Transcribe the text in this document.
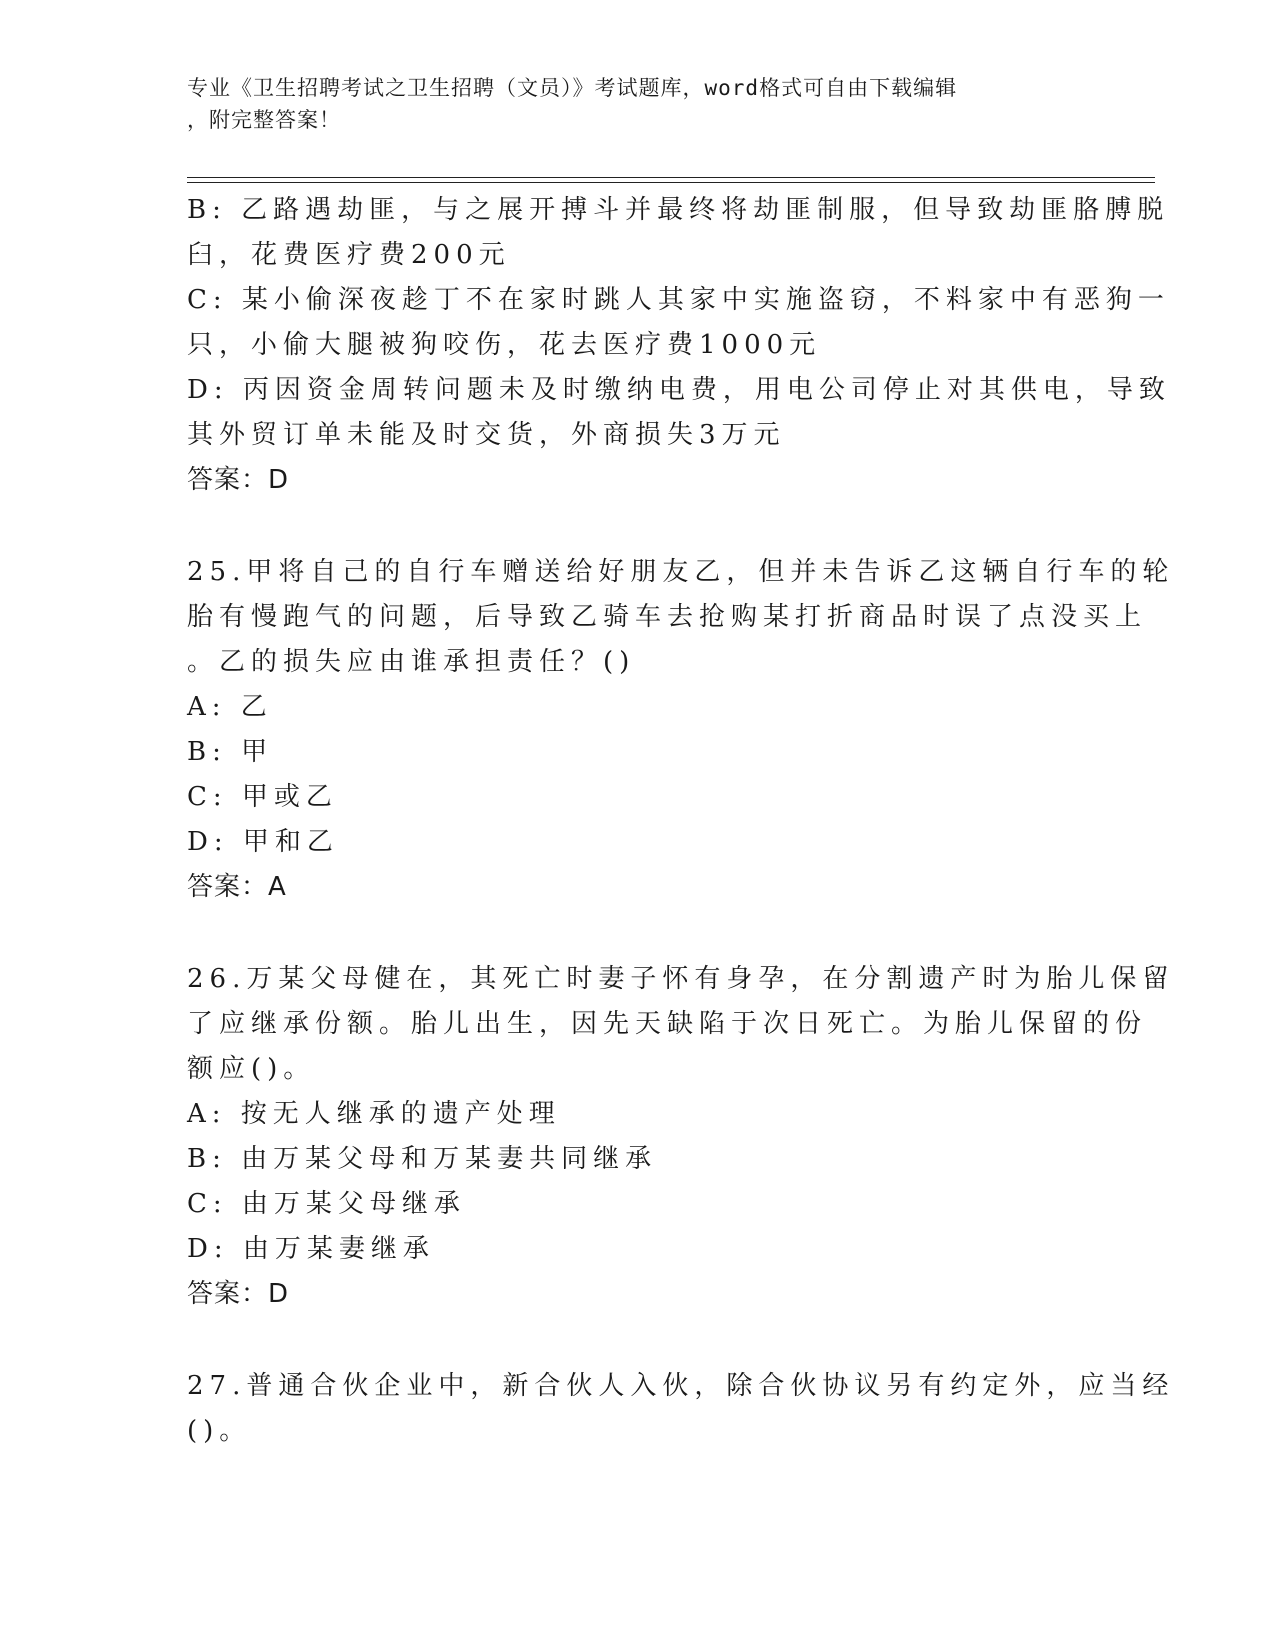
专业《卫生招聘考试之卫生招聘（文员）》考试题库，word格式可自由下载编辑
，附完整答案！
B: 乙路遇劫匪，与之展开搏斗并最终将劫匪制服，但导致劫匪胳膊脱
臼，花费医疗费200元
C: 某小偷深夜趁丁不在家时跳人其家中实施盗窃，不料家中有恶狗一
只，小偷大腿被狗咬伤，花去医疗费1000元
D: 丙因资金周转问题未及时缴纳电费，用电公司停止对其供电，导致
其外贸订单未能及时交货，外商损失3万元
答案：D
25.甲将自己的自行车赠送给好朋友乙，但并未告诉乙这辆自行车的轮
胎有慢跑气的问题，后导致乙骑车去抢购某打折商品时误了点没买上
。乙的损失应由谁承担责任？()
A: 乙
B: 甲
C: 甲或乙
D: 甲和乙
答案：A
26.万某父母健在，其死亡时妻子怀有身孕，在分割遗产时为胎儿保留
了应继承份额。胎儿出生，因先天缺陷于次日死亡。为胎儿保留的份
额应()。
A: 按无人继承的遗产处理
B: 由万某父母和万某妻共同继承
C: 由万某父母继承
D: 由万某妻继承
答案：D
27.普通合伙企业中，新合伙人入伙，除合伙协议另有约定外，应当经
()。
